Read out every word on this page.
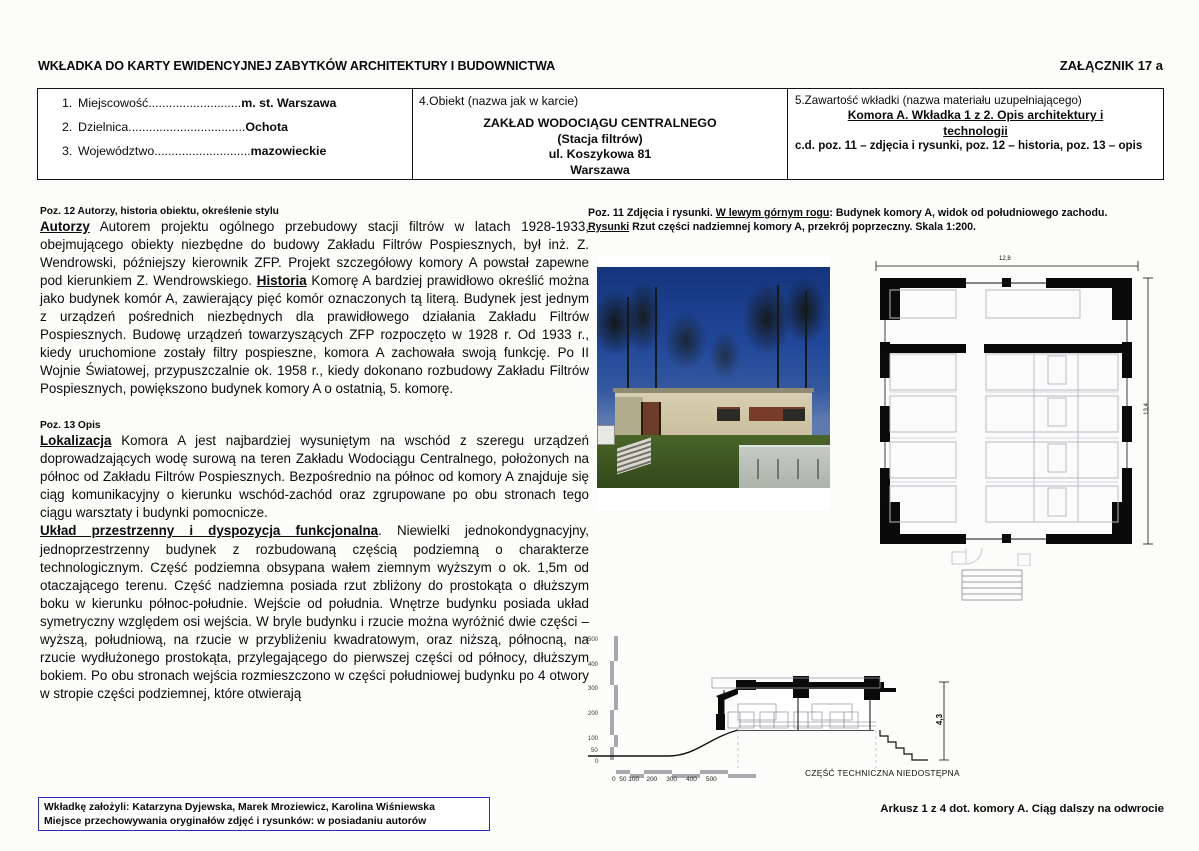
WKŁADKA DO KARTY EWIDENCYJNEJ ZABYTKÓW ARCHITEKTURY I BUDOWNICTWA	ZAŁĄCZNIK 17 a
1. Miejscowość ........................... m. st. Warszawa
2. Dzielnica .................................. Ochota
3. Województwo ............................ mazowieckie
4.Obiekt (nazwa jak w karcie)
ZAKŁAD WODOCIĄGU CENTRALNEGO
(Stacja filtrów)
ul. Koszykowa 81
Warszawa
5.Zawartość wkładki (nazwa materiału uzupełniającego)
Komora A. Wkładka 1 z 2. Opis architektury i
technologii
c.d. poz. 11 – zdjęcia i rysunki, poz. 12 – historia, poz. 13 – opis
Poz. 12 Autorzy, historia obiektu, określenie stylu

Autorzy Autorem projektu ogólnego przebudowy stacji filtrów w latach 1928-1933, obejmującego obiekty niezbędne do budowy Zakładu Filtrów Pospiesznych, był inż. Z. Wendrowski, późniejszy kierownik ZFP. Projekt szczegółowy komory A powstał zapewne pod kierunkiem Z. Wendrowskiego. Historia Komorę A bardziej prawidłowo określić można jako budynek komór A, zawierający pięć komór oznaczonych tą literą. Budynek jest jednym z urządzeń pośrednich niezbędnych dla prawidłowego działania Zakładu Filtrów Pospiesznych. Budowę urządzeń towarzyszących ZFP rozpoczęto w 1928 r. Od 1933 r., kiedy uruchomione zostały filtry pospieszne, komora A zachowała swoją funkcję. Po II Wojnie Światowej, przypuszczalnie ok. 1958 r., kiedy dokonano rozbudowy Zakładu Filtrów Pospiesznych, powiększono budynek komory A o ostatnią, 5. komorę.

Poz. 13 Opis

Lokalizacja Komora A jest najbardziej wysuniętym na wschód z szeregu urządzeń doprowadzających wodę surową na teren Zakładu Wodociągu Centralnego, położonych na północ od Zakładu Filtrów Pospiesznych. Bezpośrednio na północ od komory A znajduje się ciąg komunikacyjny o kierunku wschód-zachód oraz zgrupowane po obu stronach tego ciągu warsztaty i budynki pomocnicze.
Układ przestrzenny i dyspozycja funkcjonalna. Niewielki jednokondygnacyjny, jednoprzestrzenny budynek z rozbudowaną częścią podziemną o charakterze technologicznym. Część podziemna obsypana wałem ziemnym wyższym o ok. 1,5m od otaczającego terenu. Część nadziemna posiada rzut zbliżony do prostokąta o dłuższym boku w kierunku północ-południe. Wejście od południa. Wnętrze budynku posiada układ symetryczny względem osi wejścia. W bryle budynku i rzucie można wyróżnić dwie części – wyższą, południową, na rzucie w przybliżeniu kwadratowym, oraz niższą, północną, na rzucie wydłużonego prostokąta, przylegającego do pierwszej części od północy, dłuższym bokiem. Po obu stronach wejścia rozmieszczono w części południowej budynku po 4 otwory w stropie części podziemnej, które otwierają

Poz. 11 Zdjęcia i rysunki. W lewym górnym rogu: Budynek komory A, widok od południowego zachodu.
Rysunki Rzut części nadziemnej komory A, przekrój poprzeczny. Skala 1:200.
12,8
13,4
500
400
300
200
100
50
0
4,3
0  50 100    200     300     400     500
CZĘŚĆ TECHNICZNA NIEDOSTĘPNA
Wkładkę założyli: Katarzyna Dyjewska, Marek Mroziewicz, Karolina Wiśniewska
Miejsce przechowywania oryginałów zdjęć i rysunków: w posiadaniu autorów
Arkusz 1 z 4 dot. komory A. Ciąg dalszy na odwrocie
